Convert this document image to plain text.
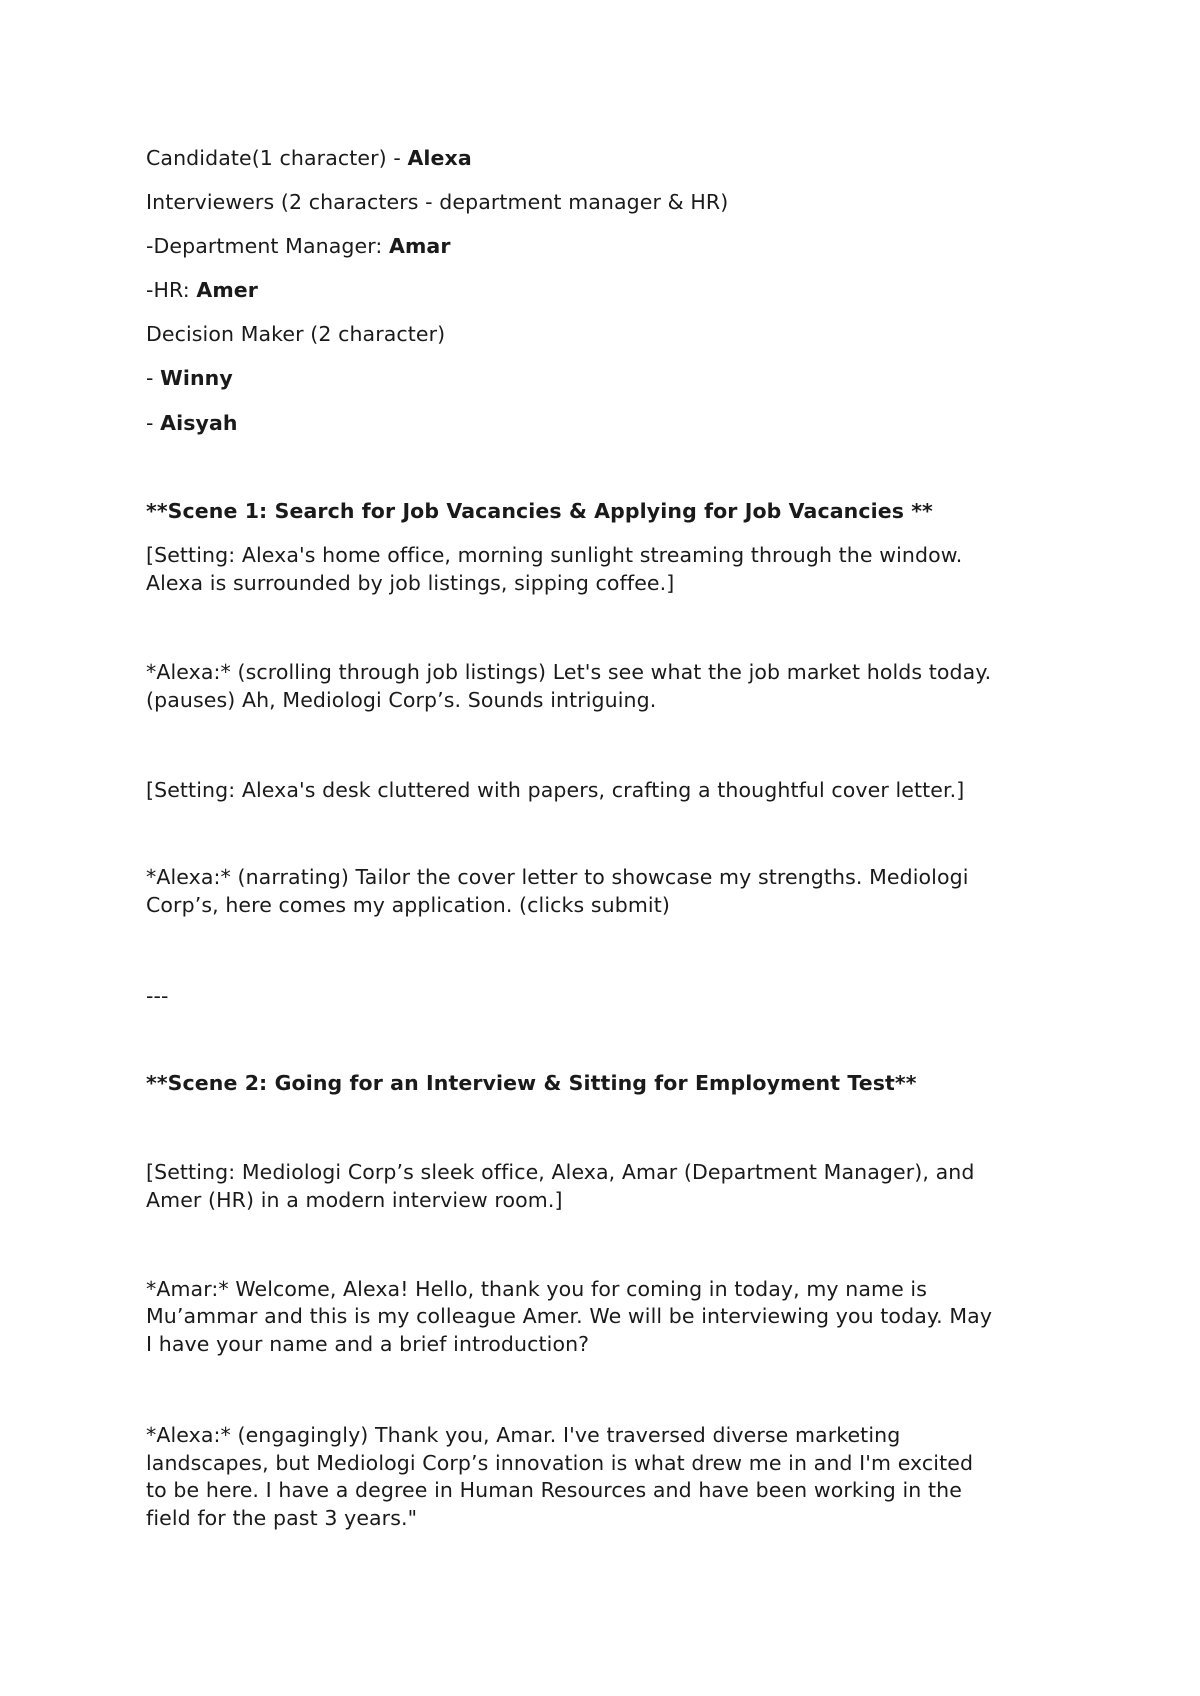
Candidate(1 character) - Alexa
Interviewers (2 characters - department manager & HR)
-Department Manager: Amar
-HR: Amer
Decision Maker (2 character)
- Winny
- Aisyah
**Scene 1: Search for Job Vacancies & Applying for Job Vacancies **
[Setting: Alexa's home office, morning sunlight streaming through the window.
Alexa is surrounded by job listings, sipping coffee.]
*Alexa:* (scrolling through job listings) Let's see what the job market holds today.
(pauses) Ah, Mediologi Corp’s. Sounds intriguing.
[Setting: Alexa's desk cluttered with papers, crafting a thoughtful cover letter.]
*Alexa:* (narrating) Tailor the cover letter to showcase my strengths. Mediologi
Corp’s, here comes my application. (clicks submit)
---
**Scene 2: Going for an Interview & Sitting for Employment Test**
[Setting: Mediologi Corp’s sleek office, Alexa, Amar (Department Manager), and
Amer (HR) in a modern interview room.]
*Amar:* Welcome, Alexa! Hello, thank you for coming in today, my name is
Mu’ammar and this is my colleague Amer. We will be interviewing you today. May
I have your name and a brief introduction?
*Alexa:* (engagingly) Thank you, Amar. I've traversed diverse marketing
landscapes, but Mediologi Corp’s innovation is what drew me in and I'm excited
to be here. I have a degree in Human Resources and have been working in the
field for the past 3 years."
